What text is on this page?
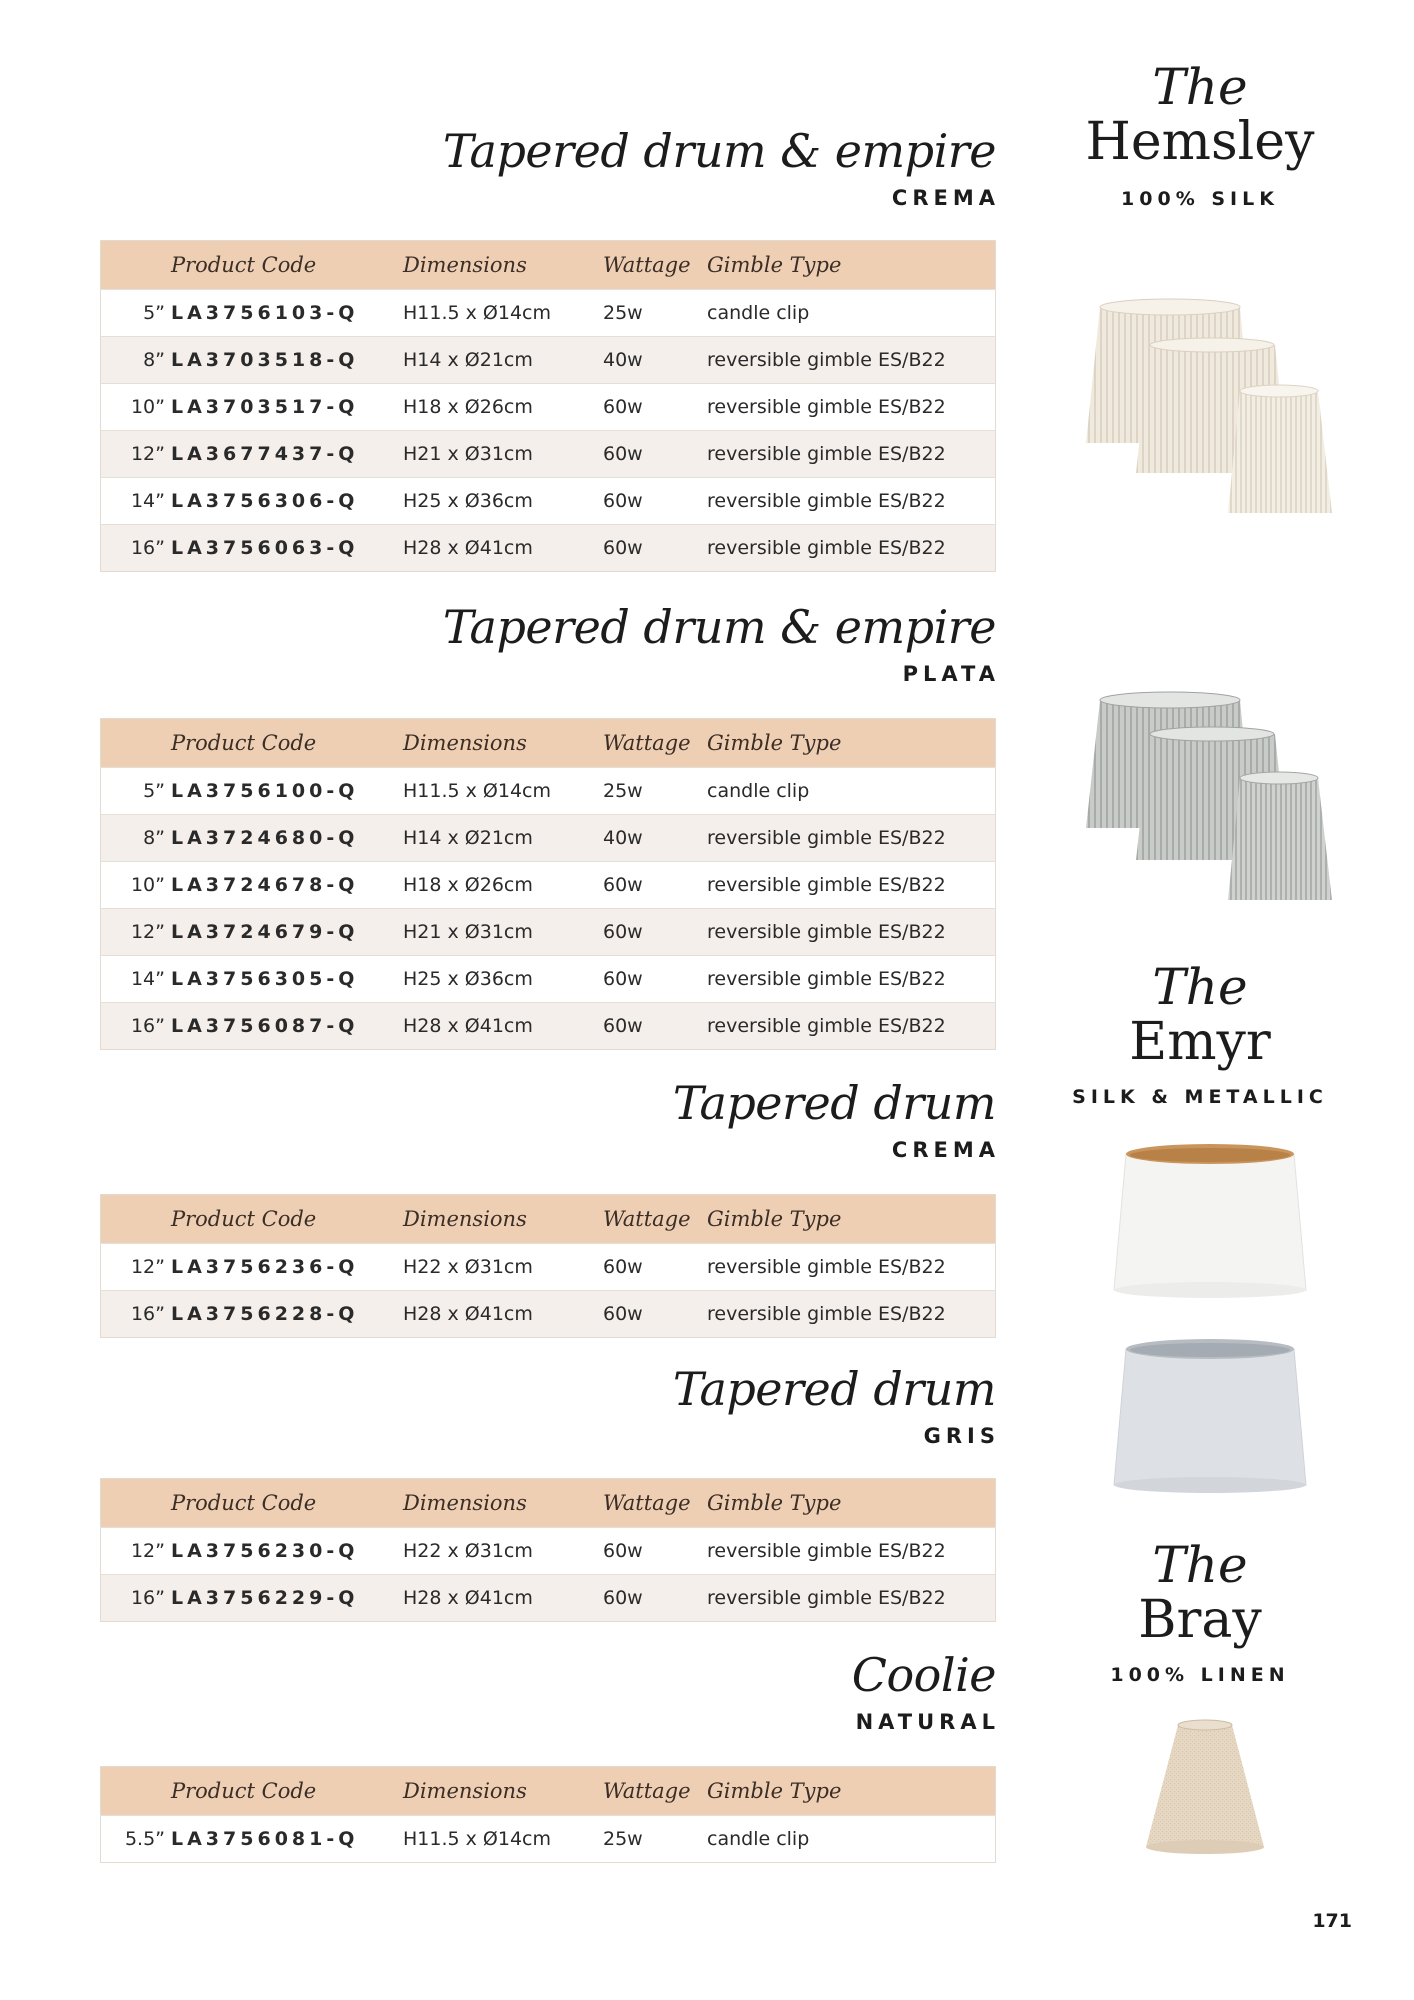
Tapered drum & empire
CREMA
	Product Code	Dimensions	Wattage	Gimble Type
5”	LA3756103-Q	H11.5 x Ø14cm	25w	candle clip
8”	LA3703518-Q	H14 x Ø21cm	40w	reversible gimble ES/B22
10”	LA3703517-Q	H18 x Ø26cm	60w	reversible gimble ES/B22
12”	LA3677437-Q	H21 x Ø31cm	60w	reversible gimble ES/B22
14”	LA3756306-Q	H25 x Ø36cm	60w	reversible gimble ES/B22
16”	LA3756063-Q	H28 x Ø41cm	60w	reversible gimble ES/B22
Tapered drum & empire
PLATA
	Product Code	Dimensions	Wattage	Gimble Type
5”	LA3756100-Q	H11.5 x Ø14cm	25w	candle clip
8”	LA3724680-Q	H14 x Ø21cm	40w	reversible gimble ES/B22
10”	LA3724678-Q	H18 x Ø26cm	60w	reversible gimble ES/B22
12”	LA3724679-Q	H21 x Ø31cm	60w	reversible gimble ES/B22
14”	LA3756305-Q	H25 x Ø36cm	60w	reversible gimble ES/B22
16”	LA3756087-Q	H28 x Ø41cm	60w	reversible gimble ES/B22
Tapered drum
CREMA
	Product Code	Dimensions	Wattage	Gimble Type
12”	LA3756236-Q	H22 x Ø31cm	60w	reversible gimble ES/B22
16”	LA3756228-Q	H28 x Ø41cm	60w	reversible gimble ES/B22
Tapered drum
GRIS
	Product Code	Dimensions	Wattage	Gimble Type
12”	LA3756230-Q	H22 x Ø31cm	60w	reversible gimble ES/B22
16”	LA3756229-Q	H28 x Ø41cm	60w	reversible gimble ES/B22
Coolie
NATURAL
	Product Code	Dimensions	Wattage	Gimble Type
5.5”	LA3756081-Q	H11.5 x Ø14cm	25w	candle clip
The
Hemsley
100% SILK
The
Emyr
SILK & METALLIC
The
Bray
100% LINEN
171
